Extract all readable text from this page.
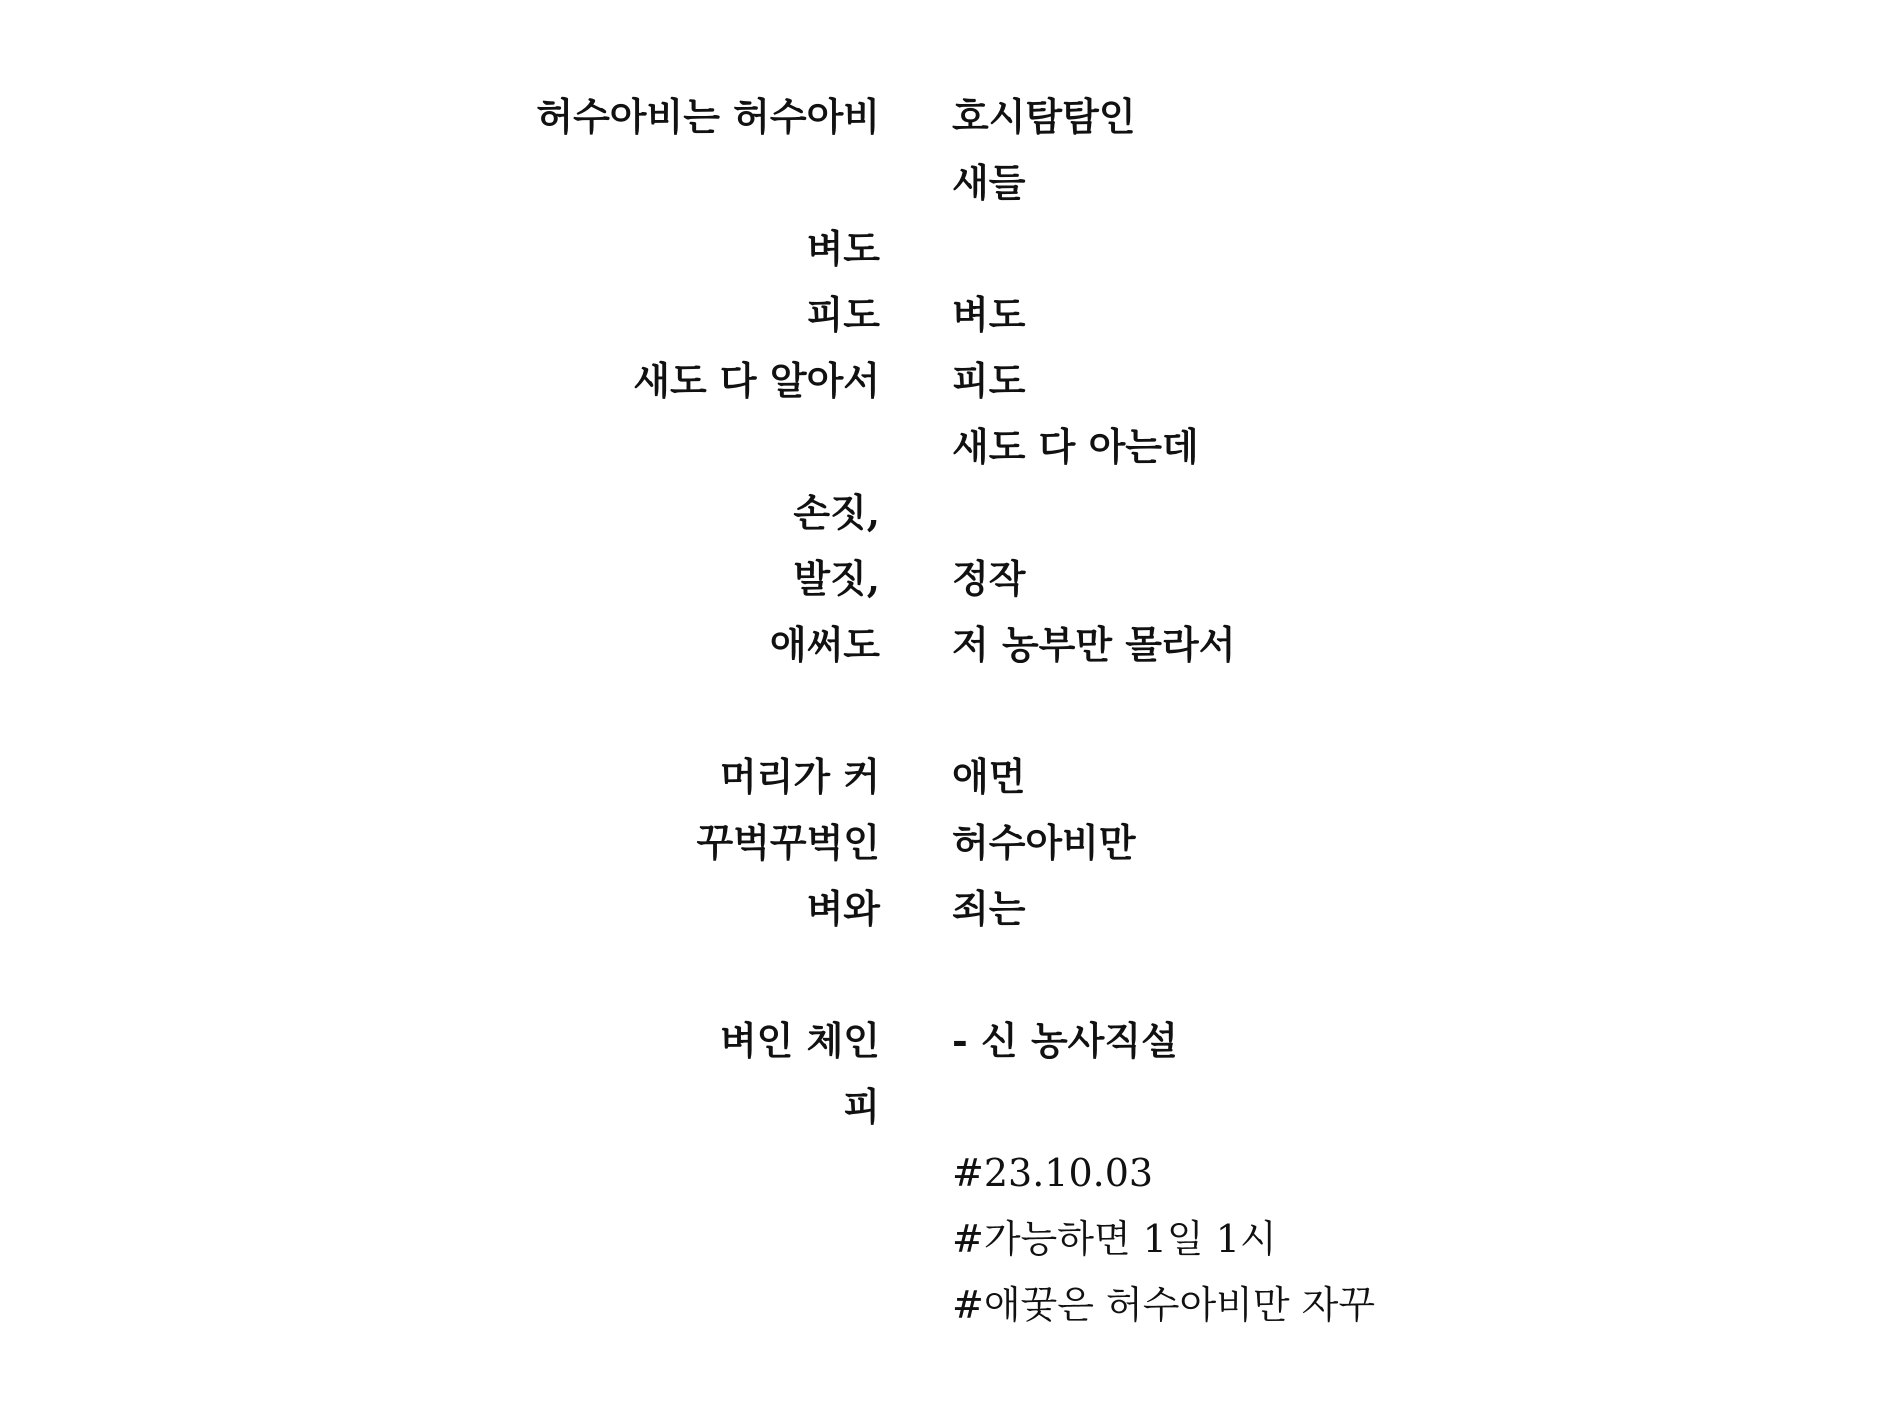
허수아비는 허수아비 호시탐탐인
새들
벼도
피도 벼도
새도 다 알아서 피도
새도 다 아는데
손짓,
발짓, 정작
애써도 저 농부만 몰라서
머리가 커 애먼
꾸벅꾸벅인 허수아비만
벼와 죄는
벼인 체인 - 신 농사직설
피
#23.10.03
#가능하면 1일 1시
#애꿎은 허수아비만 자꾸
